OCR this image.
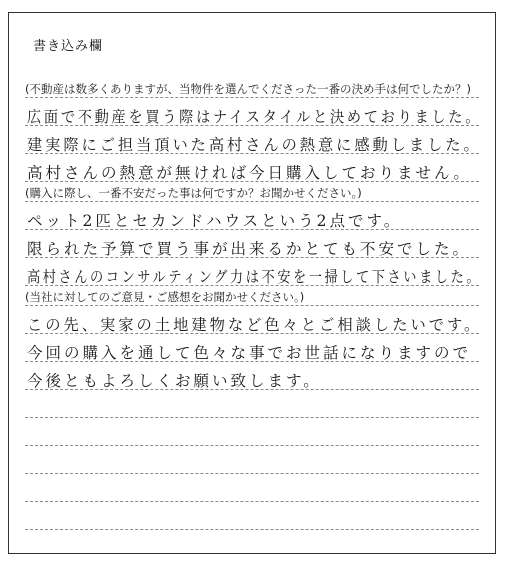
書き込み欄
(不動産は数多くありますが、当物件を選んでくださった一番の決め手は何でしたか？)
広面で不動産を買う際はナイスタイルと決めておりました。
建実際にご担当頂いた高村さんの熱意に感動しました。
高村さんの熱意が無ければ今日購入しておりません。
(購入に際し、一番不安だった事は何ですか？お聞かせください。)
ペット2匹とセカンドハウスという2点です。
限られた予算で買う事が出来るかとても不安でした。
高村さんのコンサルティング力は不安を一掃して下さいました。
(当社に対してのご意見・ご感想をお聞かせください。)
この先、実家の土地建物など色々とご相談したいです。
今回の購入を通して色々な事でお世話になりますので
今後ともよろしくお願い致します。
